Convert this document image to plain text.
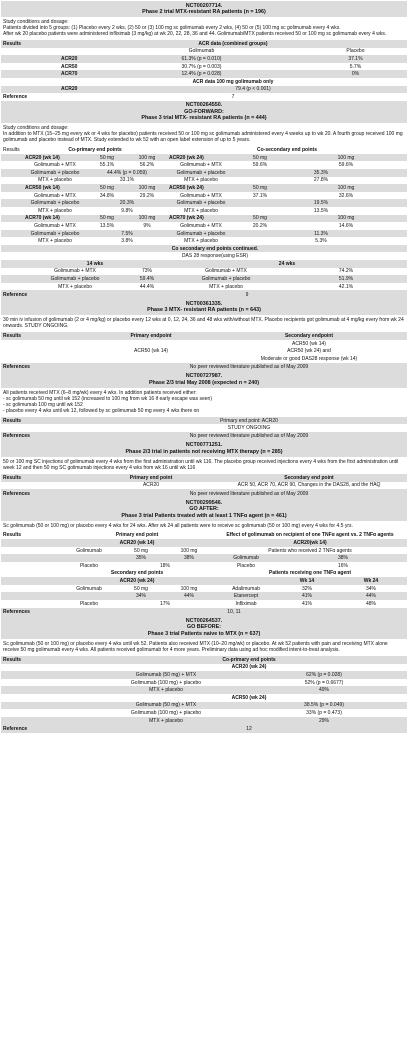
NCT00207714.
Phase 2 trial MTX-resistant RA patients (n = 196)
Study conditions and dosage:
Patients divided into 5 groups: (1) Placebo every 2 wks, (2) 50 or (3) 100 mg sc golimumab every 2 wks, (4) 50 or (5) 100 mg sc golimumab every 4 wks.
After wk 20 placebo patients were administered infliximab (3 mg/kg) at wk 20, 22, 28, 36 and 44. Golimumab/MTX patients received 50 or 100 mg sc golimumab every 4 wks.
Results	ACR data (combined groups)		
		Golimumab	Placebo
	ACR20	61.3% (p = 0.010)	37.1%
	ACR50	30.7% (p = 0.003)	5.7%
	ACR70	12.4% (p = 0.028)	0%
	ACR data 100 mg golimumab only		
	ACR20	79.4 (p < 0.001)	
Reference	7		
NCT00264550.
GO-FORWARD:
Phase 3 trial MTX- resistant RA patients (n = 444)
Study conditions and dosage:
In addition to MTX (15–25 mg every wk or 4 wks for placebo) patients received 50 or 100 mg sc golimumab administered every 4 weeks up to wk 20. A fourth group received 100 mg golimumab and placebo instead of MTX. Study extended to wk 52 with an open label extension of up to 5 years.
Results	Co-primary end points			Co-secondary end points		
	ACR20 (wk 14)	50 mg	100 mg	ACR20 (wk 24)	50 mg	100 mg
	Golimumab + MTX	55.1%	56.2%	Golimumab + MTX	59.6%	59.6%
	Golimumab + placebo	44.4% (p = 0.059)		Golimumab + placebo	35.3%	
	MTX + placebo	33.1%		MTX + placebo	27.8%	
	ACR50 (wk 14)	50 mg	100 mg	ACR50 (wk 24)	50 mg	100 mg
	Golimumab + MTX	34.8%	29.2%	Golimumab + MTX	37.1%	32.6%
	Golimumab + placebo	20.3%		Golimumab + placebo	19.5%	
	MTX + placebo	9.8%		MTX + placebo	13.5%	
	ACR70 (wk 14)	50 mg	100 mg	ACR70 (wk 24)	50 mg	100 mg
	Golimumab + MTX	13.5%	9%	Golimumab + MTX	20.2%	14.6%
	Golimumab + placebo	7.5%		Golimumab + placebo	11.3%	
	MTX + placebo	3.8%		MTX + placebo	5.3%	
	Co secondary end points continued.					
	DAS 28 response(using ESR)					
	14 wks			24 wks		
	Golimumab + MTX		73%	Golimumab + MTX		74.2%
	Golimumab + placebo		59.4%	Golimumab + placebo		51.9%
	MTX + placebo		44.4%	MTX + placebo		42.1%
Reference		9				
NCT00361335.
Phase 3 MTX- resistant RA patients (n = 643)
30 min iv infusion of golimumab (2 or 4 mg/kg) or placebo every 12 wks at 0, 12, 24, 36 and 48 wks with/without MTX. Placebo recipients got golimumab at 4 mg/kg every from wk 24 onwards. STUDY ONGOING.
Results	Primary endpoint	Secondary endpoint
	ACR50 (wk 14)	ACR50 (wk 14)
		ACR50 (wk 24) and
		Moderate or good DAS28 response (wk 14)
References	No peer reviewed literature published as of May 2009	
NCT00727987.
Phase 2/3 trial May 2008 (expected n = 240)
All patients received MTX (6–8 mg/wk) every 4 wks. In addition patients received either:
- sc golimumab 50 mg until wk 152 (increased to 100 mg from wk 16 if early escape was seen)
- sc golimumab 100 mg until wk 152
- placebo every 4 wks until wk 12, followed by sc golimumab 50 mg every 4 wks there on
Results	Primary end point: ACR20
	STUDY ONGOING
References	No peer reviewed literature published as of May 2009
NCT00771251.
Phase 2/3 trial in patients not receiving MTX therapy (n = 285)
50 or 100 mg SC injections of golimumab every 4 wks from the first administration until wk 116. The placebo group received injections every 4 wks from the first administration until week 12 and then 50 mg SC golimumab injections every 4 wks from wk 16 until wk 116
Results	Primary end point	Secondary end point
	ACR20	ACR 50, ACR 70, ACR 90, Changes in the DAS28, and the HAQ
References	No peer reviewed literature published as of May 2009	
NCT00299546.
GO AFTER:
Phase 3 trial Patients treated with at least 1 TNFα agent (n = 461)
Sc golimumab (50 or 100 mg) or placebo every 4 wks for 24 wks. After wk 24 all patients were to receive sc golimumab (50 or 100 mg) every 4 wks for 4.5 yrs.
Results	Primary end point			Effect of golimumab on recipient of one TNFα agent vs. 2 TNFα agents		
	ACR20 (wk 14)			ACR20(wk 14)		
	Golimumab	50 mg	100 mg	Patients who received 2 TNFα agents		
		35%	38%	Golimumab	38%	
	Placebo	18%		Placebo	16%	
	Secondary end points			Patients receiving one TNFα agent		
	ACR20 (wk 24)				Wk 14	Wk 24
	Golimumab	50 mg	100 mg	Adalimumab	32%	34%
		34%	44%	Etanercept	41%	44%
	Placebo	17%		Infliximab	41%	48%
References	10, 11					
NCT00264537.
GO BEFORE:
Phase 3 trial Patients naive to MTX (n = 637)
Sc golimumab (50 or 100 mg) or placebo every 4 wks until wk 52. Patients also received MTX (10–20 mg/wk) or placebo. At wk 52 patients with pain and receiving MTX alone receive 50 mg golimumab every 4 wks. All patients received golimumab for 4 more years. Preliminary data using ad hoc modified intent-to-treat analysis.
Results	Co-primary end points	
	ACR20 (wk 24)	
	Golimumab (50 mg) + MTX	62% (p = 0.028)
	Golimumab (100 mg) + placebo	52% (p = 0.6677)
	MTX + placebo	49%
	ACR50 (wk 24)	
	Golimumab (50 mg) + MTX	38.5% (p = 0.049)
	Golimumab (100 mg) + placebo	33% (p = 0.473)
	MTX + placebo	29%
Reference	12	
